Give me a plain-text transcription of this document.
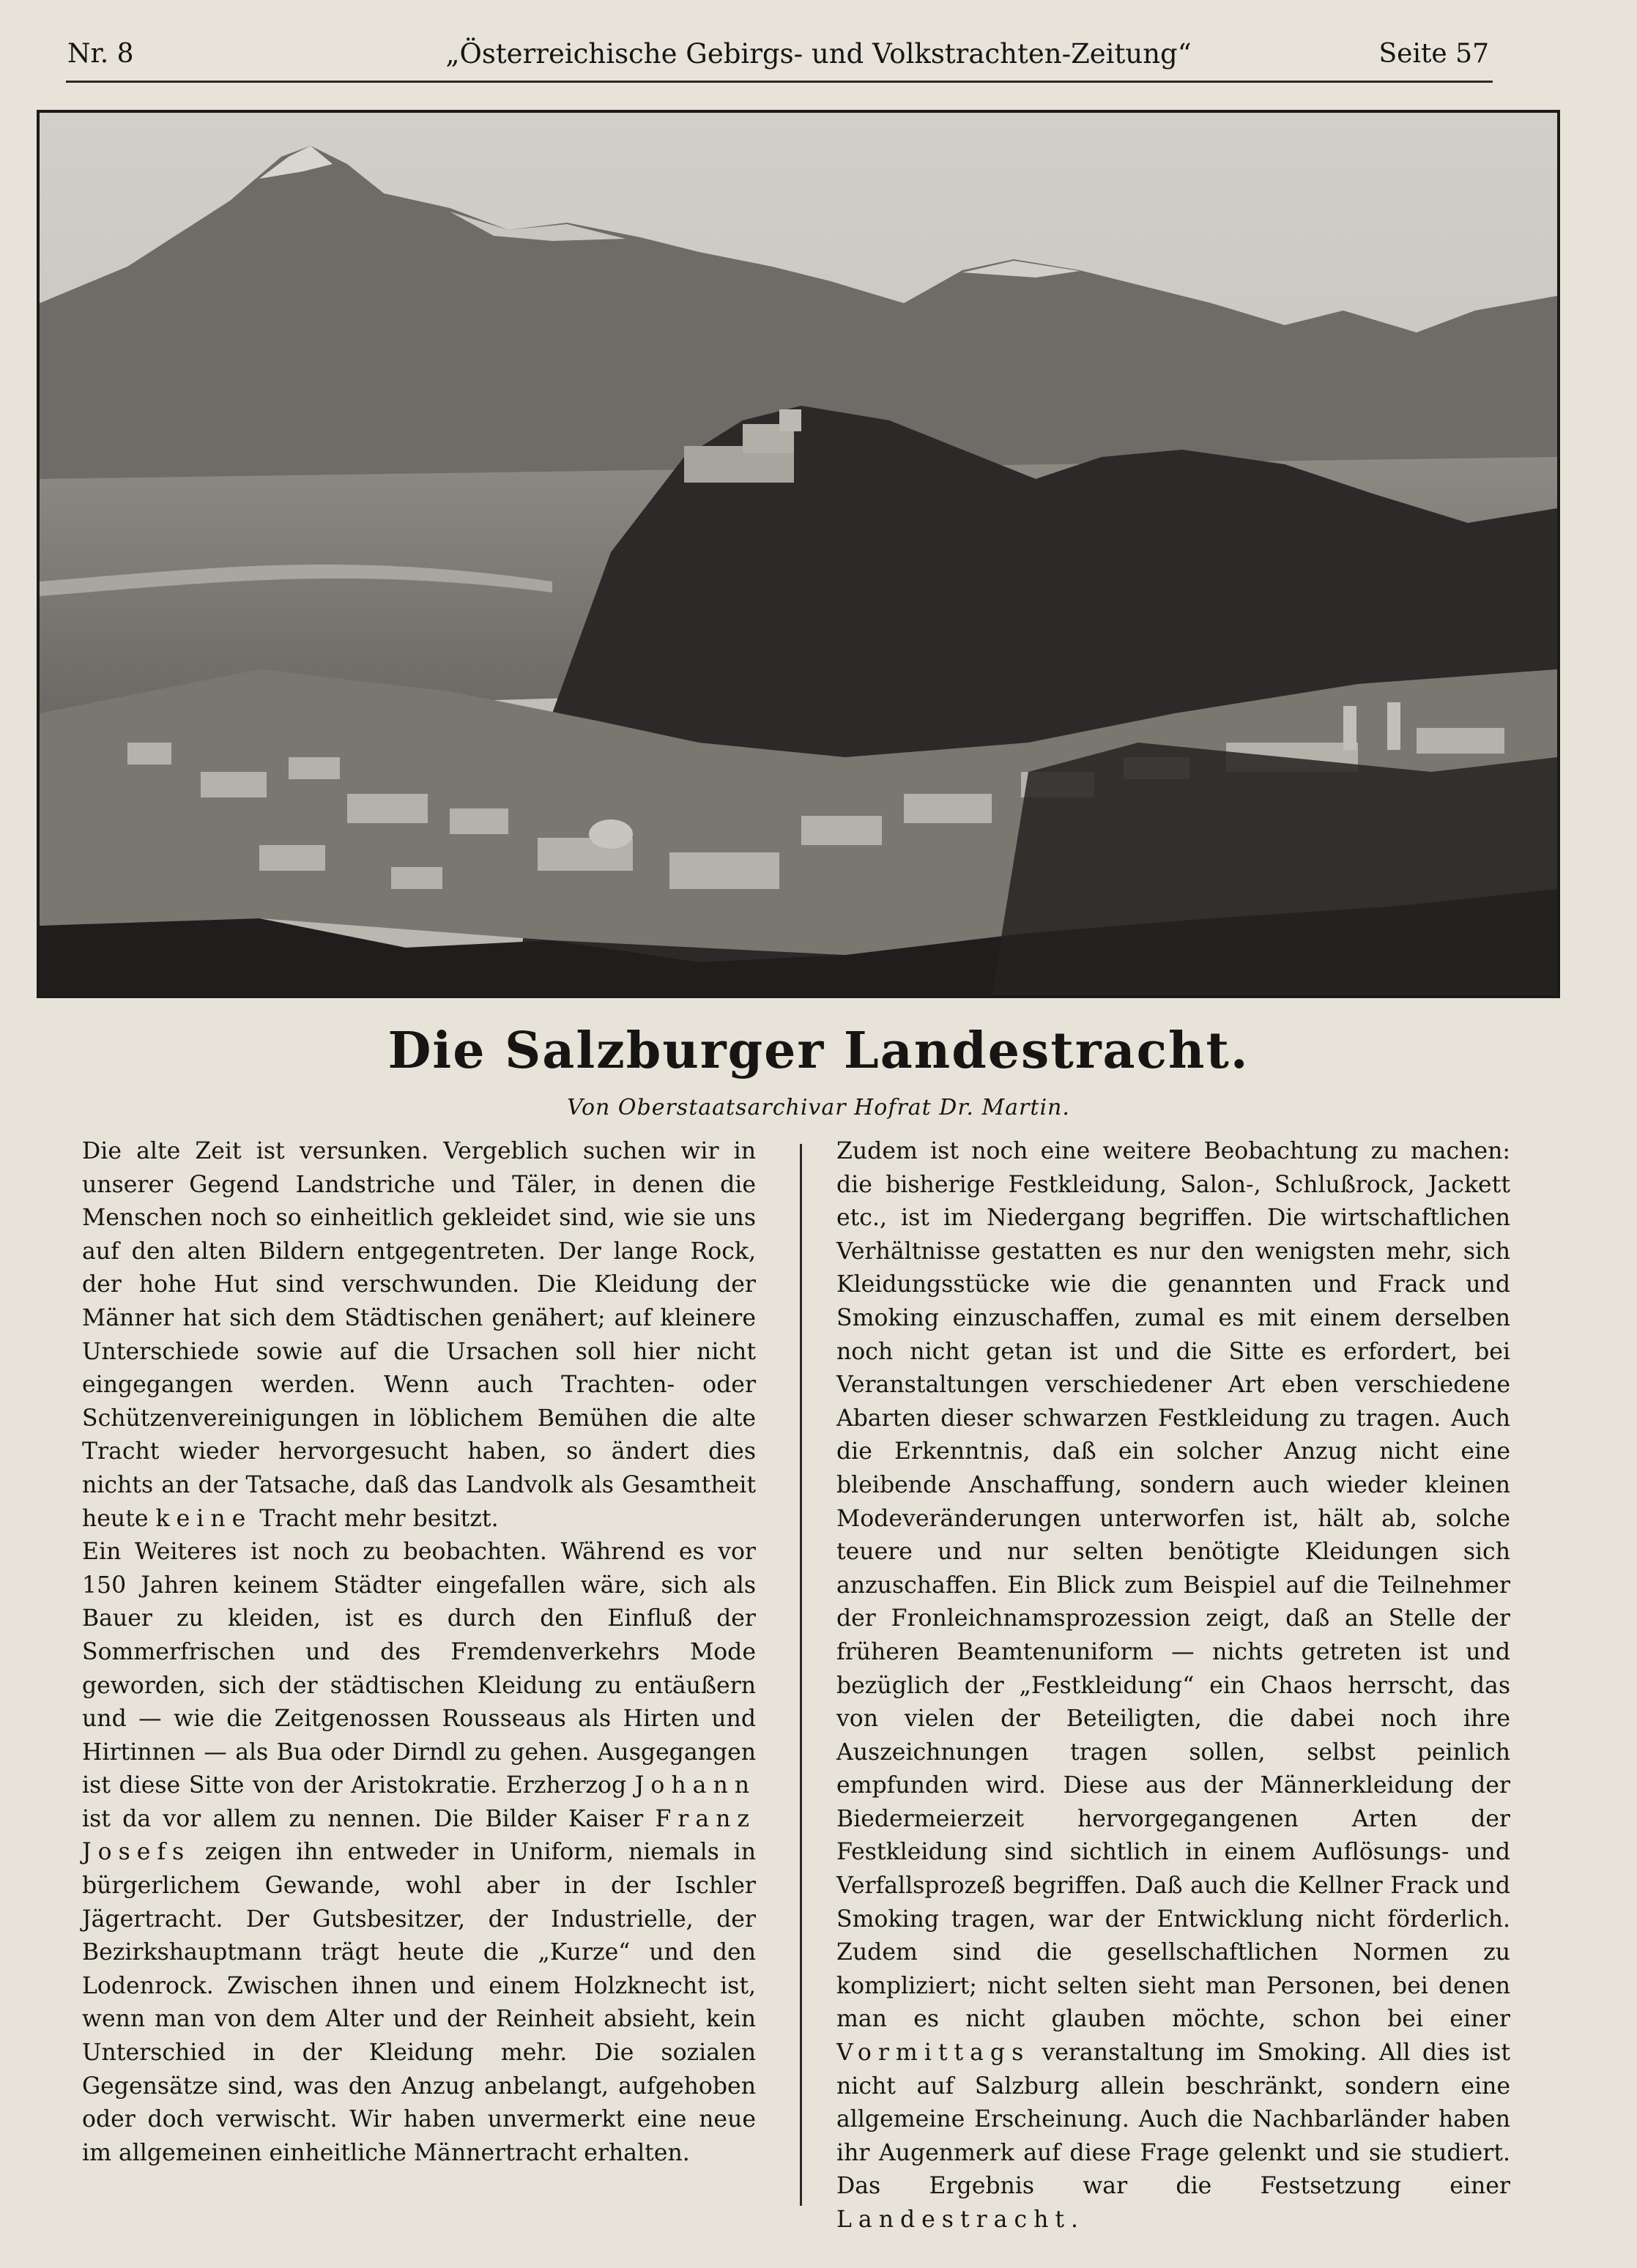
Nr. 8	„Österreichische Gebirgs- und Volkstrachten-Zeitung“	Seite 57
Die Salzburger Landestracht.
Von Oberstaatsarchivar Hofrat Dr. Martin.

Die alte Zeit ist versunken. Vergeblich suchen wir in unserer Gegend Landstriche und Täler, in denen die Menschen noch so einheitlich gekleidet sind, wie sie uns auf den alten Bildern entgegentreten. Der lange Rock, der hohe Hut sind verschwunden. Die Kleidung der Männer hat sich dem Städtischen genähert; auf kleinere Unterschiede sowie auf die Ursachen soll hier nicht eingegangen werden. Wenn auch Trachten- oder Schützenvereinigungen in löblichem Bemühen die alte Tracht wieder hervorgesucht haben, so ändert dies nichts an der Tatsache, daß das Landvolk als Gesamtheit heute keine Tracht mehr besitzt.

Ein Weiteres ist noch zu beobachten. Während es vor 150 Jahren keinem Städter eingefallen wäre, sich als Bauer zu kleiden, ist es durch den Einfluß der Sommerfrischen und des Fremdenverkehrs Mode geworden, sich der städtischen Kleidung zu entäußern und — wie die Zeitgenossen Rousseaus als Hirten und Hirtinnen — als Bua oder Dirndl zu gehen. Ausgegangen ist diese Sitte von der Aristokratie. Erzherzog Johann ist da vor allem zu nennen. Die Bilder Kaiser Franz Josefs zeigen ihn entweder in Uniform, niemals in bürgerlichem Gewande, wohl aber in der Ischler Jägertracht. Der Gutsbesitzer, der Industrielle, der Bezirkshauptmann trägt heute die „Kurze“ und den Lodenrock. Zwischen ihnen und einem Holzknecht ist, wenn man von dem Alter und der Reinheit absieht, kein Unterschied in der Kleidung mehr. Die sozialen Gegensätze sind, was den Anzug anbelangt, aufgehoben oder doch verwischt. Wir haben unvermerkt eine neue im allgemeinen einheitliche Männertracht erhalten.

Zudem ist noch eine weitere Beobachtung zu machen: die bisherige Festkleidung, Salon-, Schlußrock, Jackett etc., ist im Niedergang begriffen. Die wirtschaftlichen Verhältnisse gestatten es nur den wenigsten mehr, sich Kleidungsstücke wie die genannten und Frack und Smoking einzuschaffen, zumal es mit einem derselben noch nicht getan ist und die Sitte es erfordert, bei Veranstaltungen verschiedener Art eben verschiedene Abarten dieser schwarzen Festkleidung zu tragen. Auch die Erkenntnis, daß ein solcher Anzug nicht eine bleibende Anschaffung, sondern auch wieder kleinen Modeveränderungen unterworfen ist, hält ab, solche teuere und nur selten benötigte Kleidungen sich anzuschaffen. Ein Blick zum Beispiel auf die Teilnehmer der Fronleichnamsprozession zeigt, daß an Stelle der früheren Beamtenuniform — nichts getreten ist und bezüglich der „Festkleidung“ ein Chaos herrscht, das von vielen der Beteiligten, die dabei noch ihre Auszeichnungen tragen sollen, selbst peinlich empfunden wird. Diese aus der Männerkleidung der Biedermeierzeit hervorgegangenen Arten der Festkleidung sind sichtlich in einem Auflösungs- und Verfallsprozeß begriffen. Daß auch die Kellner Frack und Smoking tragen, war der Entwicklung nicht förderlich. Zudem sind die gesellschaftlichen Normen zu kompliziert; nicht selten sieht man Personen, bei denen man es nicht glauben möchte, schon bei einer Vormittags veranstaltung im Smoking. All dies ist nicht auf Salzburg allein beschränkt, sondern eine allgemeine Erscheinung. Auch die Nachbarländer haben ihr Augenmerk auf diese Frage gelenkt und sie studiert. Das Ergebnis war die Festsetzung einer Landestracht.
